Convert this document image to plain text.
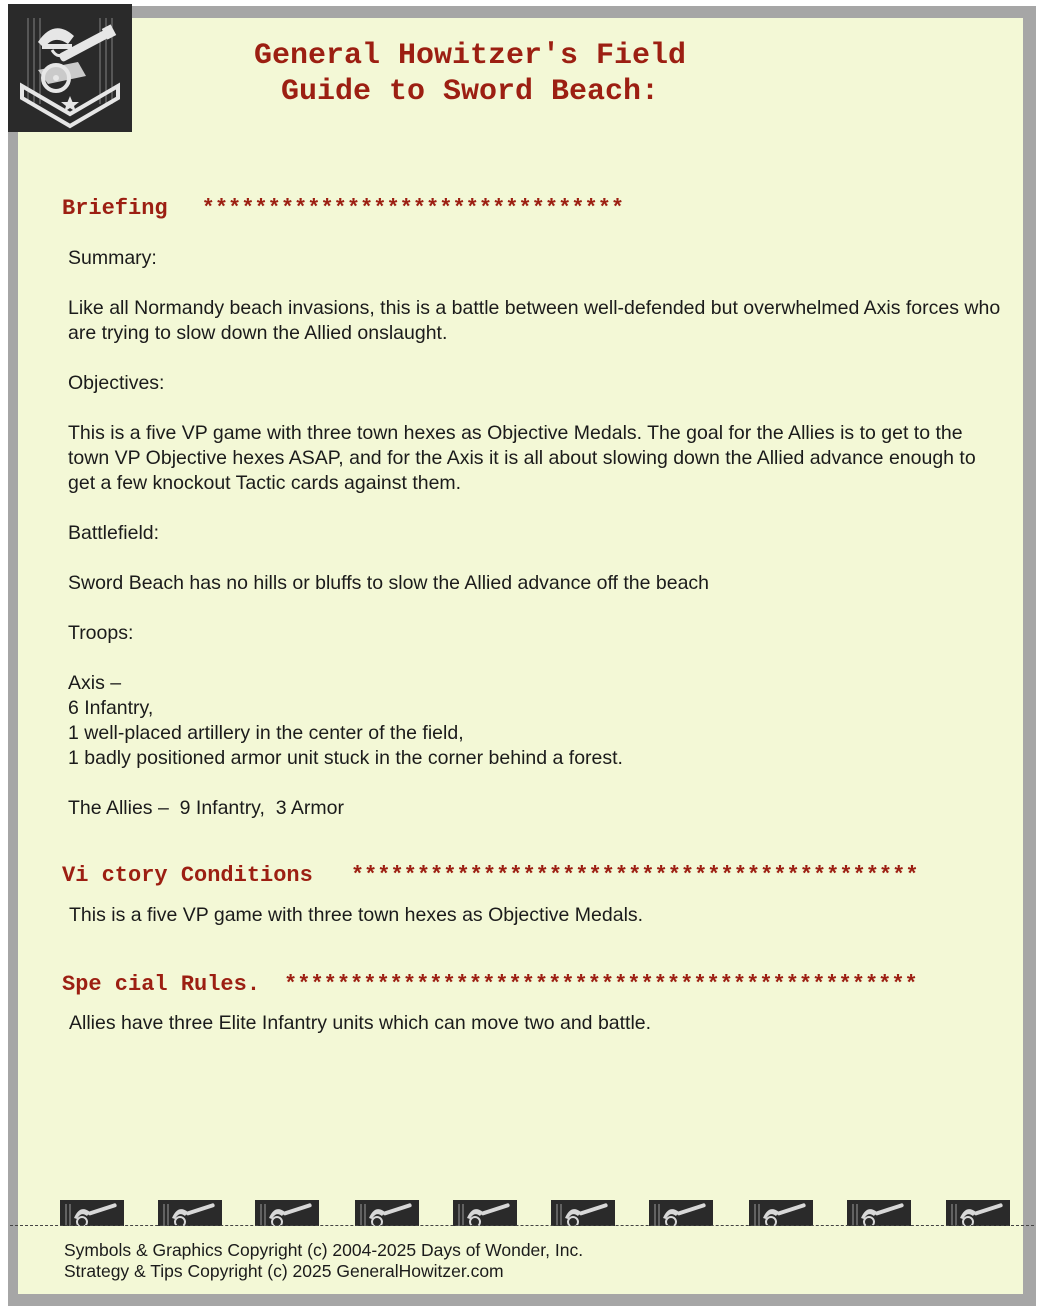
General Howitzer's Field
Guide to Sword Beach:
Briefing ********************************

Summary:

Like all Normandy beach invasions, this is a battle between well-defended but overwhelmed Axis forces who are trying to slow down the Allied onslaught.

Objectives:

This is a five VP game with three town hexes as Objective Medals. The goal for the Allies is to get to the town VP Objective hexes ASAP, and for the Axis it is all about slowing down the Allied advance enough to get a few knockout Tactic cards against them.

Battlefield:

Sword Beach has no hills or bluffs to slow the Allied advance off the beach

Troops:

Axis –
6 Infantry,
1 well-placed artillery in the center of the field,
1 badly positioned armor unit stuck in the corner behind a forest.

The Allies –  9 Infantry,  3 Armor

Vi ctory Conditions *******************************************
This is a five VP game with three town hexes as Objective Medals.
Spe cial Rules. ************************************************
Allies have three Elite Infantry units which can move two and battle.
Symbols & Graphics Copyright (c) 2004-2025 Days of Wonder, Inc.
Strategy & Tips Copyright (c) 2025 GeneralHowitzer.com
